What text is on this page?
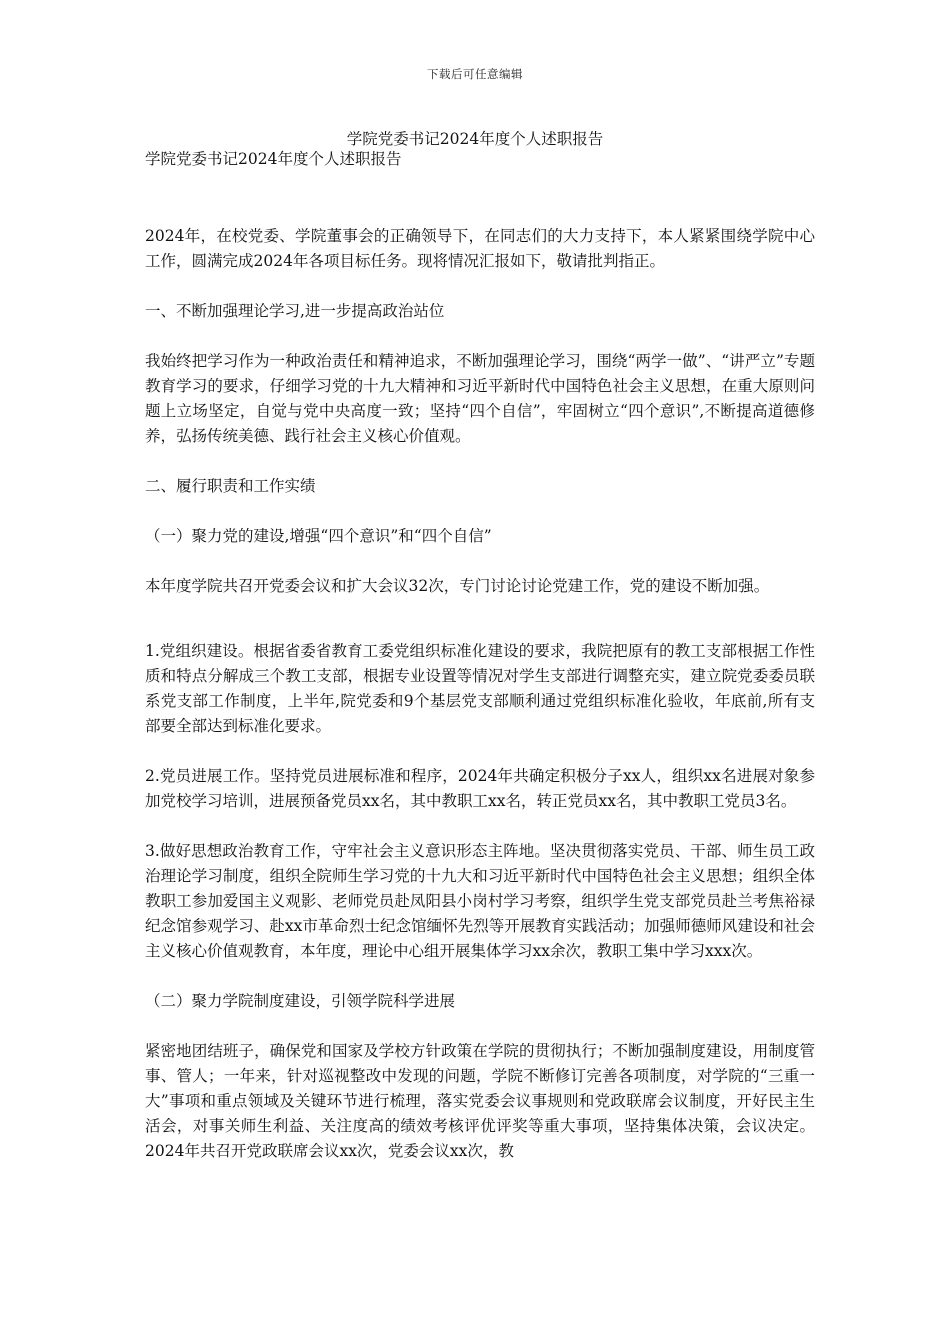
下载后可任意编辑
学院党委书记2024年度个人述职报告

学院党委书记2024年度个人述职报告

2024年，在校党委、学院董事会的正确领导下，在同志们的大力支持下，本人紧紧围绕学院中心工作，圆满完成2024年各项目标任务。现将情况汇报如下，敬请批判指正。

一、不断加强理论学习,进一步提高政治站位

我始终把学习作为一种政治责任和精神追求，不断加强理论学习，围绕“两学一做”、“讲严立”专题教育学习的要求，仔细学习党的十九大精神和习近平新时代中国特色社会主义思想，在重大原则问题上立场坚定，自觉与党中央高度一致；坚持“四个自信”，牢固树立“四个意识”,不断提高道德修养，弘扬传统美德、践行社会主义核心价值观。

二、履行职责和工作实绩

（一）聚力党的建设,增强“四个意识”和“四个自信”

本年度学院共召开党委会议和扩大会议32次，专门讨论讨论党建工作，党的建设不断加强。

1.党组织建设。根据省委省教育工委党组织标准化建设的要求，我院把原有的教工支部根据工作性质和特点分解成三个教工支部，根据专业设置等情况对学生支部进行调整充实，建立院党委委员联系党支部工作制度，上半年,院党委和9个基层党支部顺利通过党组织标准化验收，年底前,所有支部要全部达到标准化要求。

2.党员进展工作。坚持党员进展标准和程序，2024年共确定积极分子xx人，组织xx名进展对象参加党校学习培训，进展预备党员xx名，其中教职工xx名，转正党员xx名，其中教职工党员3名。

3.做好思想政治教育工作，守牢社会主义意识形态主阵地。坚决贯彻落实党员、干部、师生员工政治理论学习制度，组织全院师生学习党的十九大和习近平新时代中国特色社会主义思想；组织全体教职工参加爱国主义观影、老师党员赴凤阳县小岗村学习考察，组织学生党支部党员赴兰考焦裕禄纪念馆参观学习、赴xx市革命烈士纪念馆缅怀先烈等开展教育实践活动；加强师德师风建设和社会主义核心价值观教育，本年度，理论中心组开展集体学习xx余次，教职工集中学习xxx次。

（二）聚力学院制度建设，引领学院科学进展

紧密地团结班子，确保党和国家及学校方针政策在学院的贯彻执行；不断加强制度建设，用制度管事、管人；一年来，针对巡视整改中发现的问题，学院不断修订完善各项制度，对学院的“三重一大”事项和重点领域及关键环节进行梳理，落实党委会议事规则和党政联席会议制度，开好民主生活会，对事关师生利益、关注度高的绩效考核评优评奖等重大事项，坚持集体决策，会议决定。2024年共召开党政联席会议xx次，党委会议xx次，教
